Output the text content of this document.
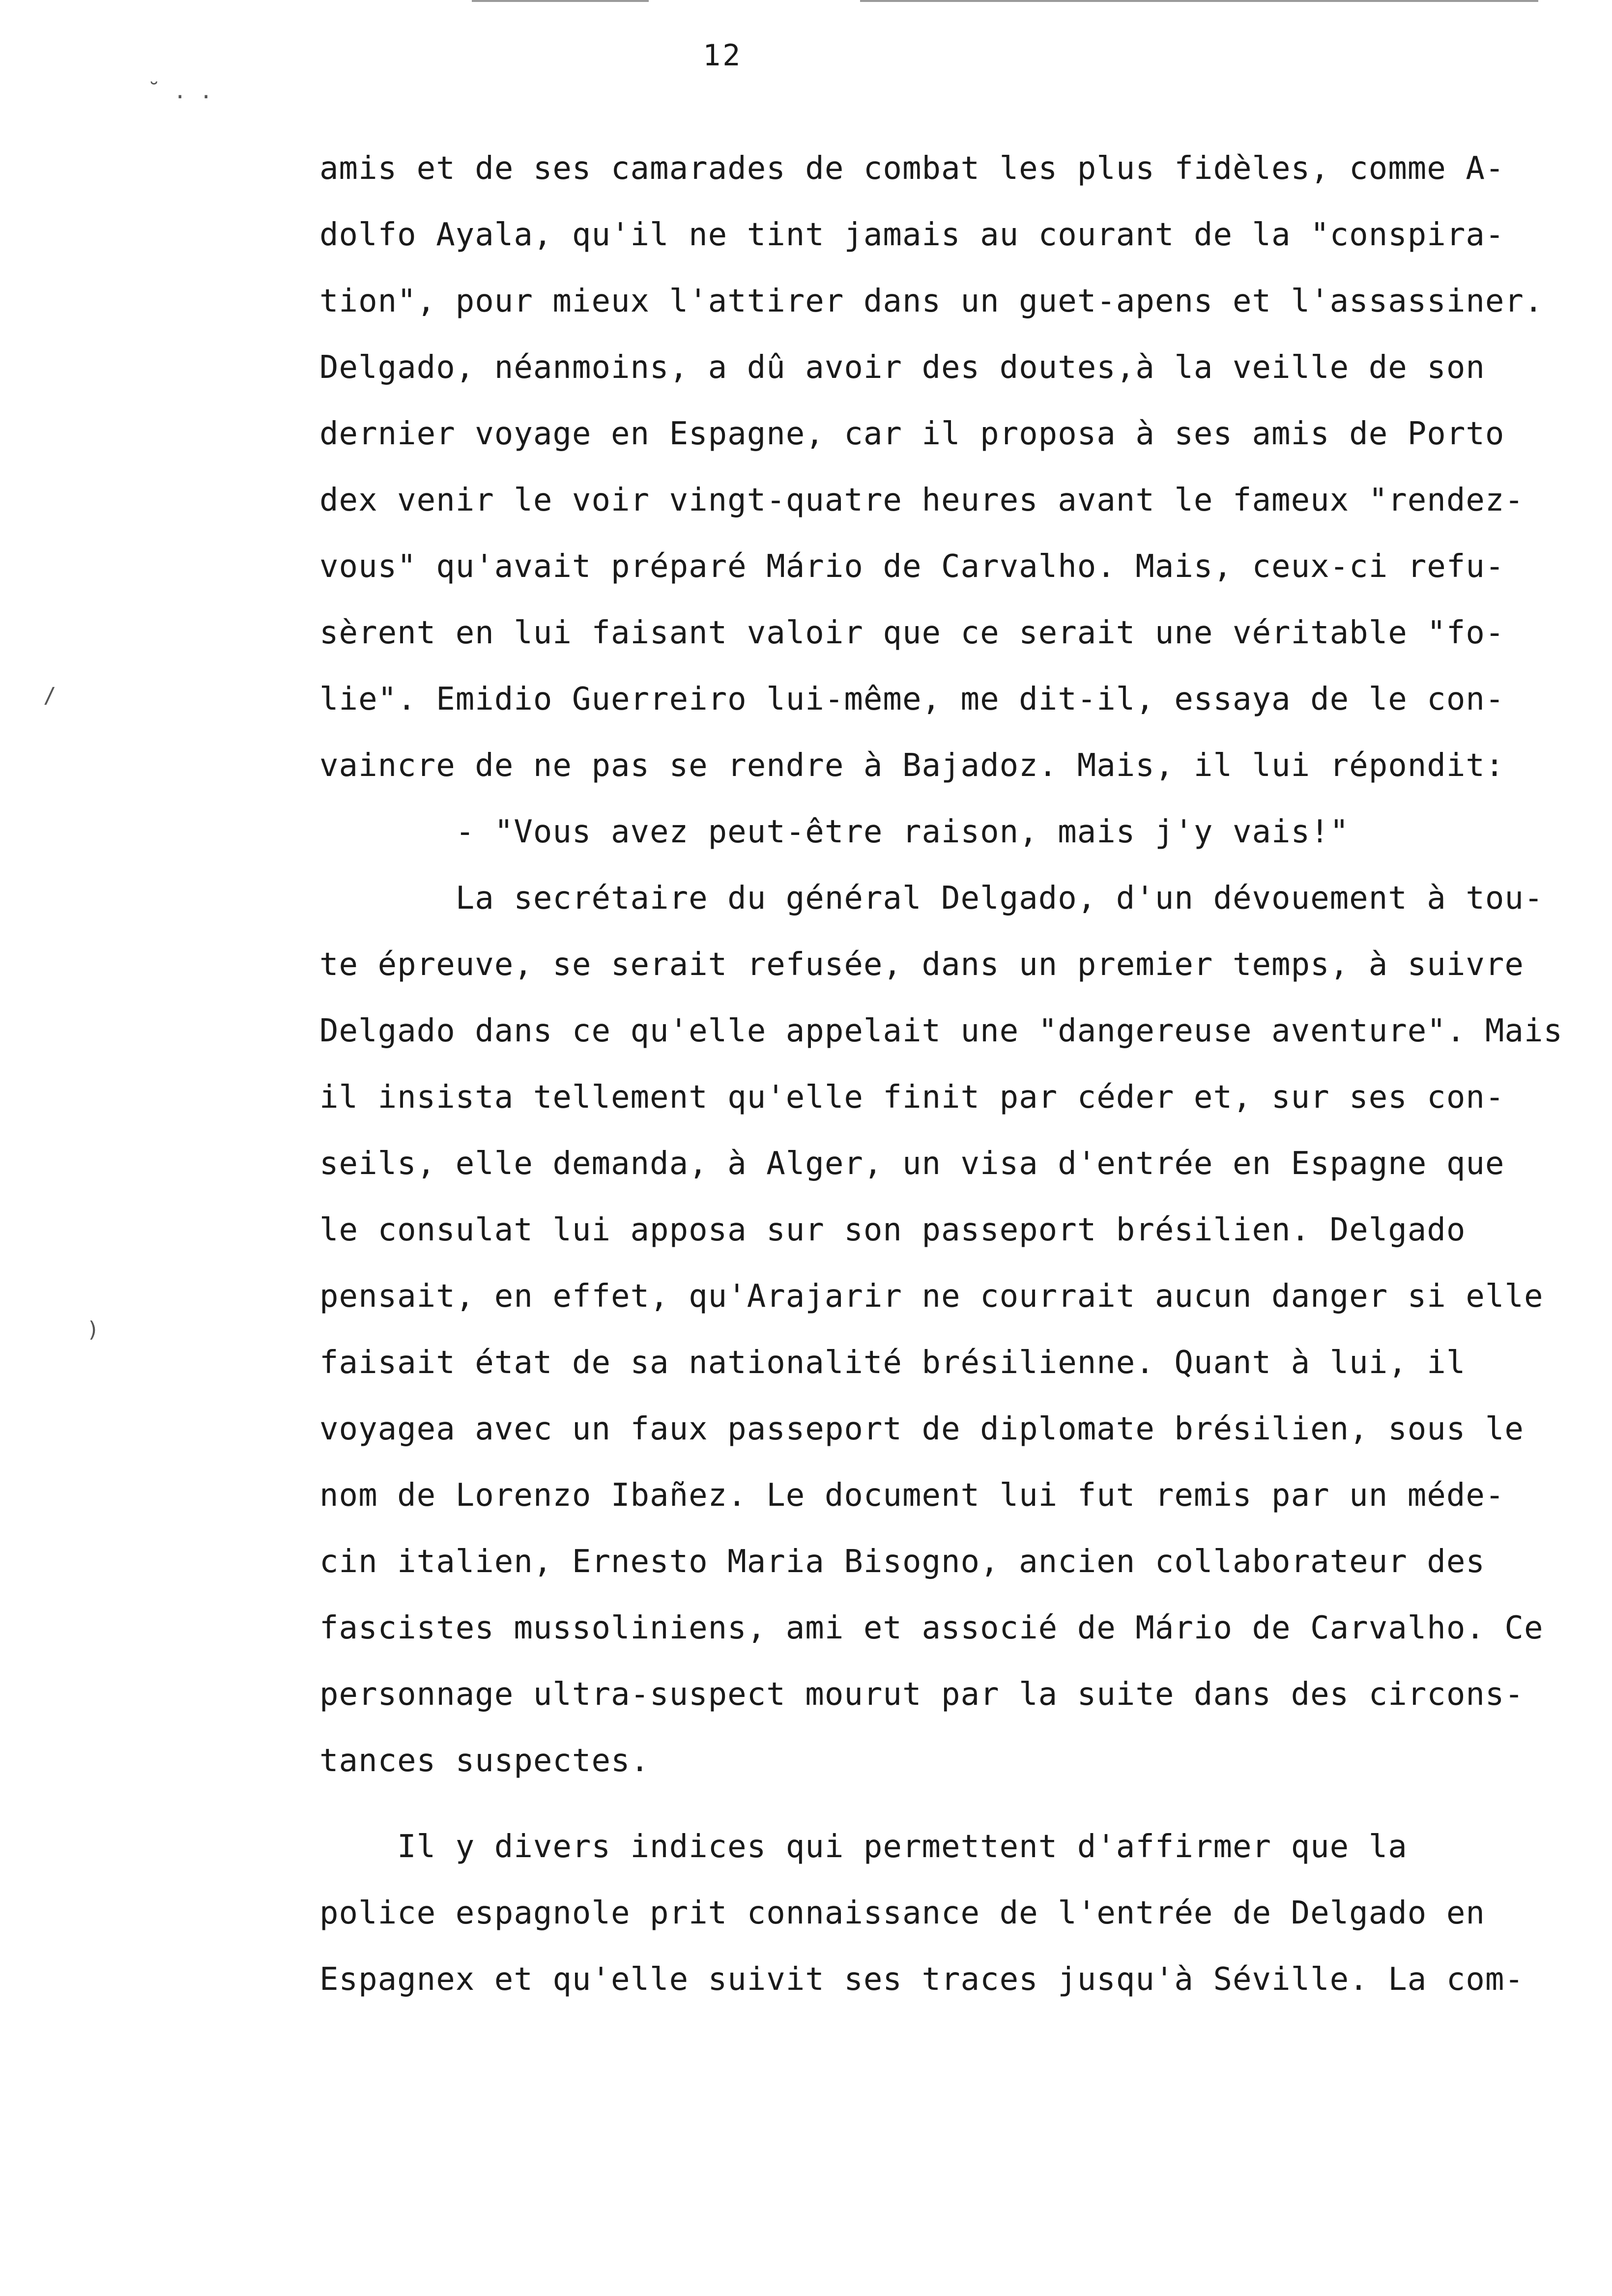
12
˘ . .
∕
)
amis et de ses camarades de combat les plus fidèles, comme A-
dolfo Ayala, qu'il ne tint jamais au courant de la "conspira-
tion", pour mieux l'attirer dans un guet-apens et l'assassiner.
Delgado, néanmoins, a dû avoir des doutes,à la veille de son
dernier voyage en Espagne, car il proposa à ses amis de Porto
dex venir le voir vingt-quatre heures avant le fameux "rendez-
vous" qu'avait préparé Mário de Carvalho. Mais, ceux-ci refu-
sèrent en lui faisant valoir que ce serait une véritable "fo-
lie". Emidio Guerreiro lui-même, me dit-il, essaya de le con-
vaincre de ne pas se rendre à Bajadoz. Mais, il lui répondit:
- "Vous avez peut-être raison, mais j'y vais!"
La secrétaire du général Delgado, d'un dévouement à tou-
te épreuve, se serait refusée, dans un premier temps, à suivre
Delgado dans ce qu'elle appelait une "dangereuse aventure". Mais
il insista tellement qu'elle finit par céder et, sur ses con-
seils, elle demanda, à Alger, un visa d'entrée en Espagne que
le consulat lui apposa sur son passeport brésilien. Delgado
pensait, en effet, qu'Arajarir ne courrait aucun danger si elle
faisait état de sa nationalité brésilienne. Quant à lui, il
voyagea avec un faux passeport de diplomate brésilien, sous le
nom de Lorenzo Ibañez. Le document lui fut remis par un méde-
cin italien, Ernesto Maria Bisogno, ancien collaborateur des
fascistes mussoliniens, ami et associé de Mário de Carvalho. Ce
personnage ultra-suspect mourut par la suite dans des circons-
tances suspectes.
Il y divers indices qui permettent d'affirmer que la
police espagnole prit connaissance de l'entrée de Delgado en
Espagnex et qu'elle suivit ses traces jusqu'à Séville. La com-
